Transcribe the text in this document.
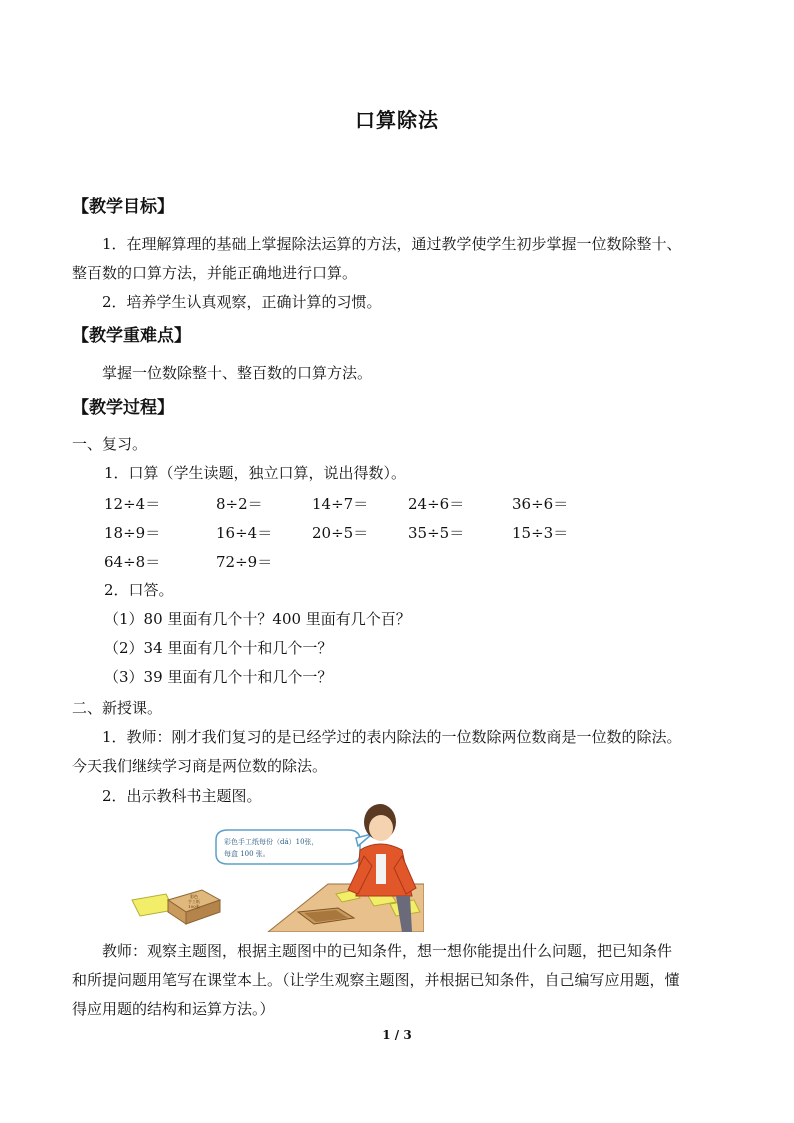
口算除法
【教学目标】
1．在理解算理的基础上掌握除法运算的方法，通过教学使学生初步掌握一位数除整十、
整百数的口算方法，并能正确地进行口算。
2．培养学生认真观察，正确计算的习惯。
【教学重难点】
掌握一位数除整十、整百数的口算方法。
【教学过程】
一、复习。
1．口算（学生读题，独立口算，说出得数）。
12÷4＝	8÷2＝	14÷7＝	24÷6＝	36÷6＝
18÷9＝	16÷4＝	20÷5＝	35÷5＝	15÷3＝
64÷8＝	72÷9＝
2．口答。
（1）80 里面有几个十？400 里面有几个百？
（2）34 里面有几个十和几个一？
（3）39 里面有几个十和几个一？
二、新授课。
1．教师：刚才我们复习的是已经学过的表内除法的一位数除两位数商是一位数的除法。
今天我们继续学习商是两位数的除法。
2．出示教科书主题图。
彩色
手工纸
100张
彩色手工纸每份（dá）10张，
每盒 100 张。
教师：观察主题图，根据主题图中的已知条件，想一想你能提出什么问题，把已知条件
和所提问题用笔写在课堂本上。（让学生观察主题图，并根据已知条件，自己编写应用题，懂
得应用题的结构和运算方法。）
1 / 3
